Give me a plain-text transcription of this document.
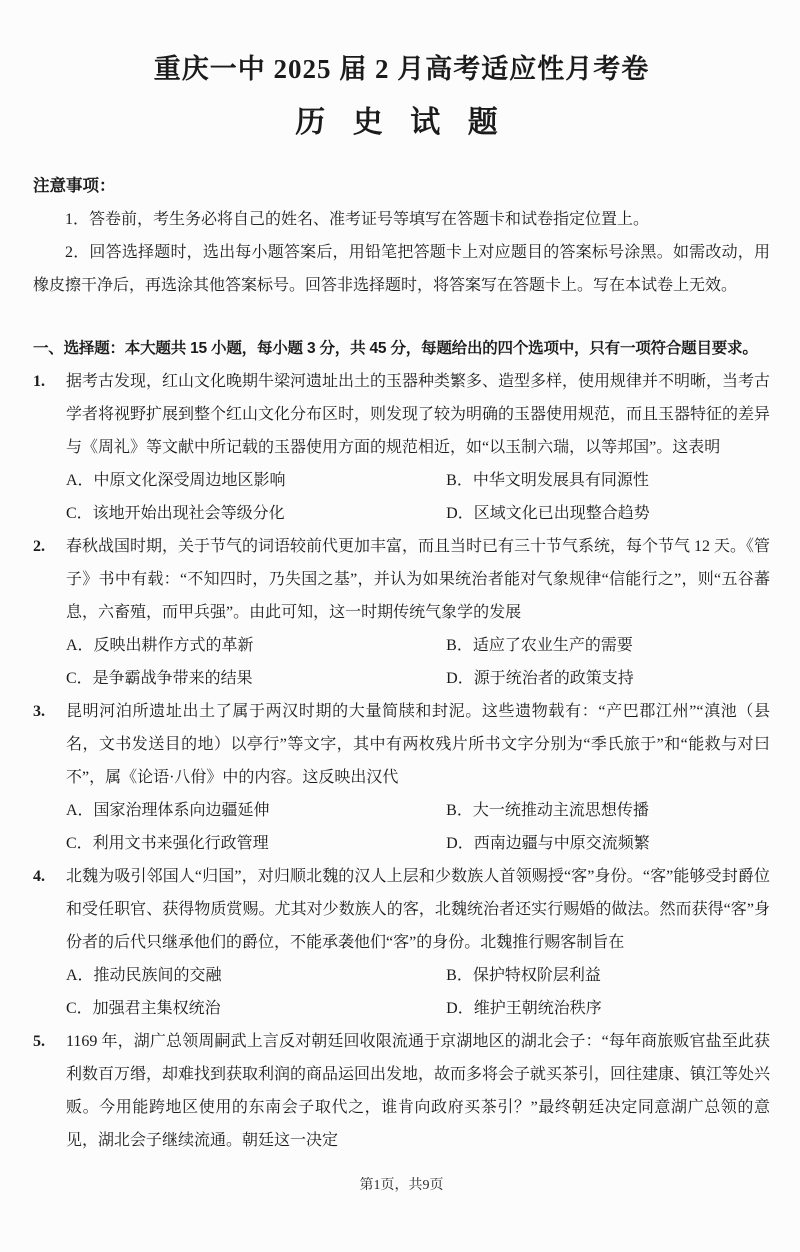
重庆一中 2025 届 2 月高考适应性月考卷
历 史 试 题
注意事项：

1．答卷前，考生务必将自己的姓名、准考证号等填写在答题卡和试卷指定位置上。

2．回答选择题时，选出每小题答案后，用铅笔把答题卡上对应题目的答案标号涂黑。如需改动，用橡皮擦干净后，再选涂其他答案标号。回答非选择题时，将答案写在答题卡上。写在本试卷上无效。

一、选择题：本大题共 15 小题，每小题 3 分，共 45 分，每题给出的四个选项中，只有一项符合题目要求。
1.	据考古发现，红山文化晚期牛梁河遗址出土的玉器种类繁多、造型多样，使用规律并不明晰，当考古学者将视野扩展到整个红山文化分布区时，则发现了较为明确的玉器使用规范，而且玉器特征的差异与《周礼》等文献中所记载的玉器使用方面的规范相近，如“以玉制六瑞，以等邦国”。这表明

A．中原文化深受周边地区影响	B．中华文明发展具有同源性
C．该地开始出现社会等级分化	D．区域文化已出现整合趋势
2.	春秋战国时期，关于节气的词语较前代更加丰富，而且当时已有三十节气系统，每个节气 12 天。《管子》书中有载：“不知四时，乃失国之基”，并认为如果统治者能对气象规律“信能行之”，则“五谷蕃息，六畜殖，而甲兵强”。由此可知，这一时期传统气象学的发展

A．反映出耕作方式的革新	B．适应了农业生产的需要
C．是争霸战争带来的结果	D．源于统治者的政策支持
3.	昆明河泊所遗址出土了属于两汉时期的大量简牍和封泥。这些遗物载有：“产巴郡江州”“滇池（县名，文书发送目的地）以亭行”等文字，其中有两枚残片所书文字分别为“季氏旅于”和“能救与对曰不”，属《论语·八佾》中的内容。这反映出汉代

A．国家治理体系向边疆延伸	B．大一统推动主流思想传播
C．利用文书来强化行政管理	D．西南边疆与中原交流频繁
4.	北魏为吸引邻国人“归国”，对归顺北魏的汉人上层和少数族人首领赐授“客”身份。“客”能够受封爵位和受任职官、获得物质赏赐。尤其对少数族人的客，北魏统治者还实行赐婚的做法。然而获得“客”身份者的后代只继承他们的爵位，不能承袭他们“客”的身份。北魏推行赐客制旨在

A．推动民族间的交融	B．保护特权阶层利益
C．加强君主集权统治	D．维护王朝统治秩序
5.	1169 年，湖广总领周嗣武上言反对朝廷回收限流通于京湖地区的湖北会子：“每年商旅贩官盐至此获利数百万缗，却难找到获取利润的商品运回出发地，故而多将会子就买茶引，回往建康、镇江等处兴贩。今用能跨地区使用的东南会子取代之，谁肯向政府买茶引？”最终朝廷决定同意湖广总领的意见，湖北会子继续流通。朝廷这一决定

第1页，共9页
